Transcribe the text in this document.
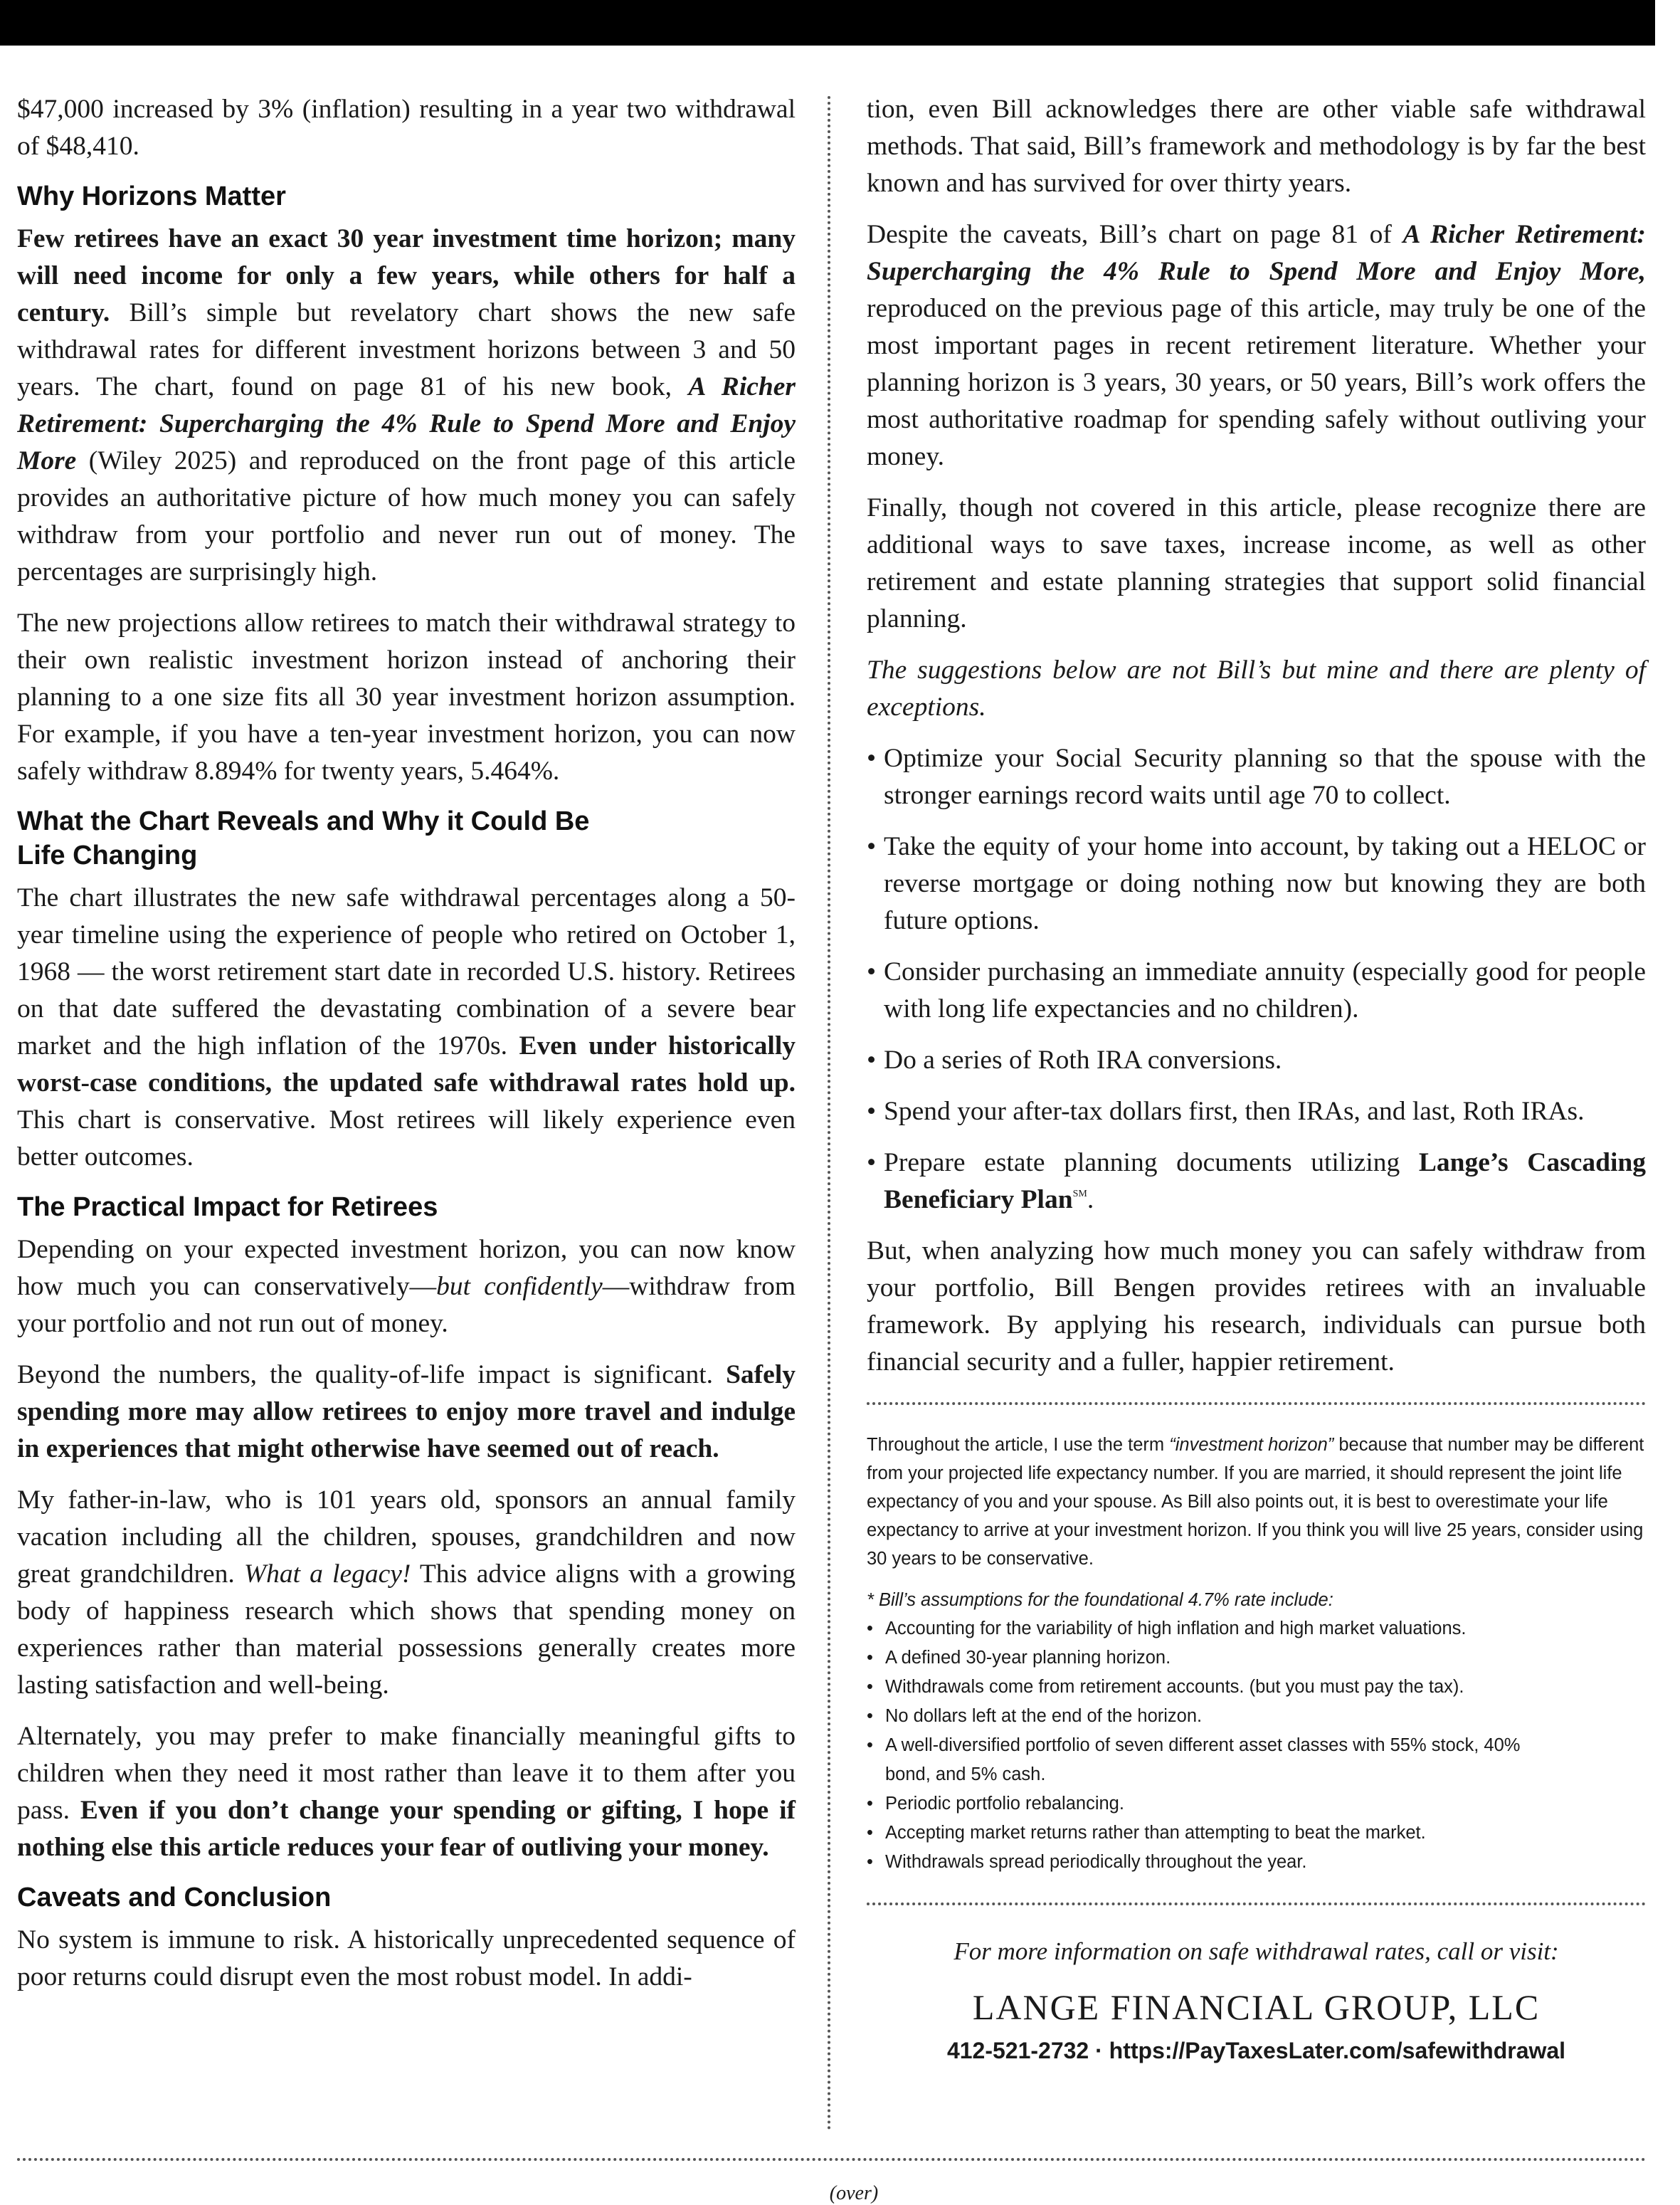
$47,000 increased by 3% (inflation) resulting in a year two withdrawal of $48,410.

Why Horizons Matter

Few retirees have an exact 30 year investment time horizon; many will need income for only a few years, while others for half a century. Bill’s simple but revelatory chart shows the new safe withdrawal rates for different investment horizons between 3 and 50 years. The chart, found on page 81 of his new book, A Richer Retirement: Supercharging the 4% Rule to Spend More and Enjoy More (Wiley 2025) and reproduced on the front page of this article provides an authoritative picture of how much money you can safely withdraw from your portfolio and never run out of money. The percentages are surprisingly high.

The new projections allow retirees to match their withdrawal strategy to their own realistic investment horizon instead of anchoring their planning to a one size fits all 30 year investment horizon assumption. For example, if you have a ten-year investment horizon, you can now safely withdraw 8.894% for twenty years, 5.464%.

What the Chart Reveals and Why it Could Be
Life Changing

The chart illustrates the new safe withdrawal percentages along a 50-year timeline using the experience of people who retired on October 1, 1968 — the worst retirement start date in recorded U.S. history. Retirees on that date suffered the devastating combination of a severe bear market and the high inflation of the 1970s. Even under historically worst-case conditions, the updated safe withdrawal rates hold up. This chart is conservative. Most retirees will likely experience even better outcomes.

The Practical Impact for Retirees

Depending on your expected investment horizon, you can now know how much you can conservatively—but confidently—withdraw from your portfolio and not run out of money.

Beyond the numbers, the quality-of-life impact is significant. Safely spending more may allow retirees to enjoy more travel and indulge in experiences that might otherwise have seemed out of reach.

My father-in-law, who is 101 years old, sponsors an annual family vacation including all the children, spouses, grandchildren and now great grandchildren. What a legacy! This advice aligns with a growing body of happiness research which shows that spending money on experiences rather than material possessions generally creates more lasting satisfaction and well-being.

Alternately, you may prefer to make financially meaningful gifts to children when they need it most rather than leave it to them after you pass. Even if you don’t change your spending or gifting, I hope if nothing else this article reduces your fear of outliving your money.

Caveats and Conclusion

No system is immune to risk. A historically unprecedented sequence of poor returns could disrupt even the most robust model. In addi-

tion, even Bill acknowledges there are other viable safe withdrawal methods. That said, Bill’s framework and methodology is by far the best known and has survived for over thirty years.

Despite the caveats, Bill’s chart on page 81 of A Richer Retirement: Supercharging the 4% Rule to Spend More and Enjoy More, reproduced on the previous page of this article, may truly be one of the most important pages in recent retirement literature. Whether your planning horizon is 3 years, 30 years, or 50 years, Bill’s work offers the most authoritative roadmap for spending safely without outliving your money.

Finally, though not covered in this article, please recognize there are additional ways to save taxes, increase income, as well as other retirement and estate planning strategies that support solid financial planning.

The suggestions below are not Bill’s but mine and there are plenty of exceptions.

• Optimize your Social Security planning so that the spouse with the stronger earnings record waits until age 70 to collect.
• Take the equity of your home into account, by taking out a HELOC or reverse mortgage or doing nothing now but knowing they are both future options.
• Consider purchasing an immediate annuity (especially good for people with long life expectancies and no children).
• Do a series of Roth IRA conversions.
• Spend your after-tax dollars first, then IRAs, and last, Roth IRAs.
• Prepare estate planning documents utilizing Lange’s Cascading Beneficiary Plan℠.

But, when analyzing how much money you can safely withdraw from your portfolio, Bill Bengen provides retirees with an invaluable framework. By applying his research, individuals can pursue both financial security and a fuller, happier retirement.

Throughout the article, I use the term “investment horizon” because that number may be different from your projected life expectancy number. If you are married, it should represent the joint life expectancy of you and your spouse. As Bill also points out, it is best to overestimate your life expectancy to arrive at your investment horizon. If you think you will live 25 years, consider using 30 years to be conservative.
* Bill’s assumptions for the foundational 4.7% rate include:
• Accounting for the variability of high inflation and high market valuations.
• A defined 30-year planning horizon.
• Withdrawals come from retirement accounts. (but you must pay the tax).
• No dollars left at the end of the horizon.
• A well-diversified portfolio of seven different asset classes with 55% stock, 40% bond, and 5% cash.
• Periodic portfolio rebalancing.
• Accepting market returns rather than attempting to beat the market.
• Withdrawals spread periodically throughout the year.
For more information on safe withdrawal rates, call or visit:
LANGE FINANCIAL GROUP, LLC
412-521-2732 · https://PayTaxesLater.com/safewithdrawal
(over)
